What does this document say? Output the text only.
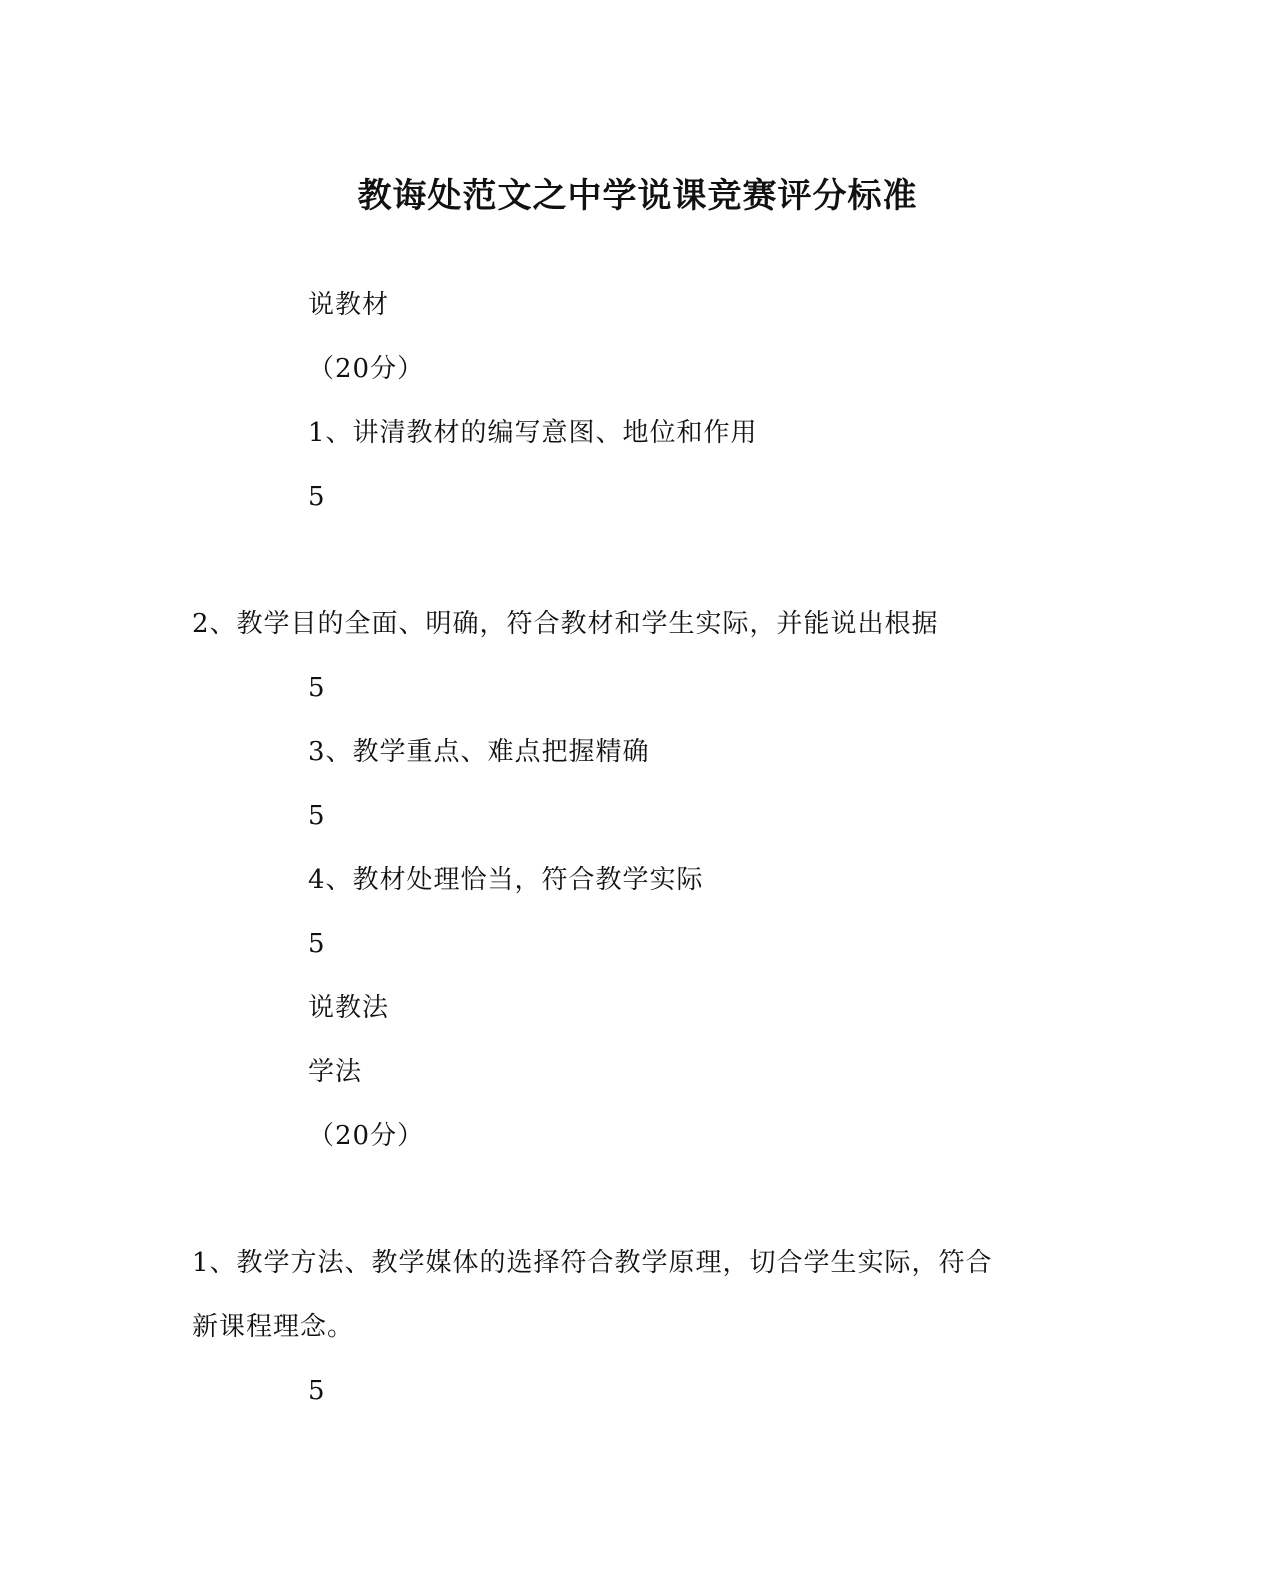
教诲处范文之中学说课竞赛评分标准
说教材
（20分）
1、讲清教材的编写意图、地位和作用
5
2、教学目的全面、明确，符合教材和学生实际，并能说出根据
5
3、教学重点、难点把握精确
5
4、教材处理恰当，符合教学实际
5
说教法
学法
（20分）
1、教学方法、教学媒体的选择符合教学原理，切合学生实际，符合
新课程理念。
5
